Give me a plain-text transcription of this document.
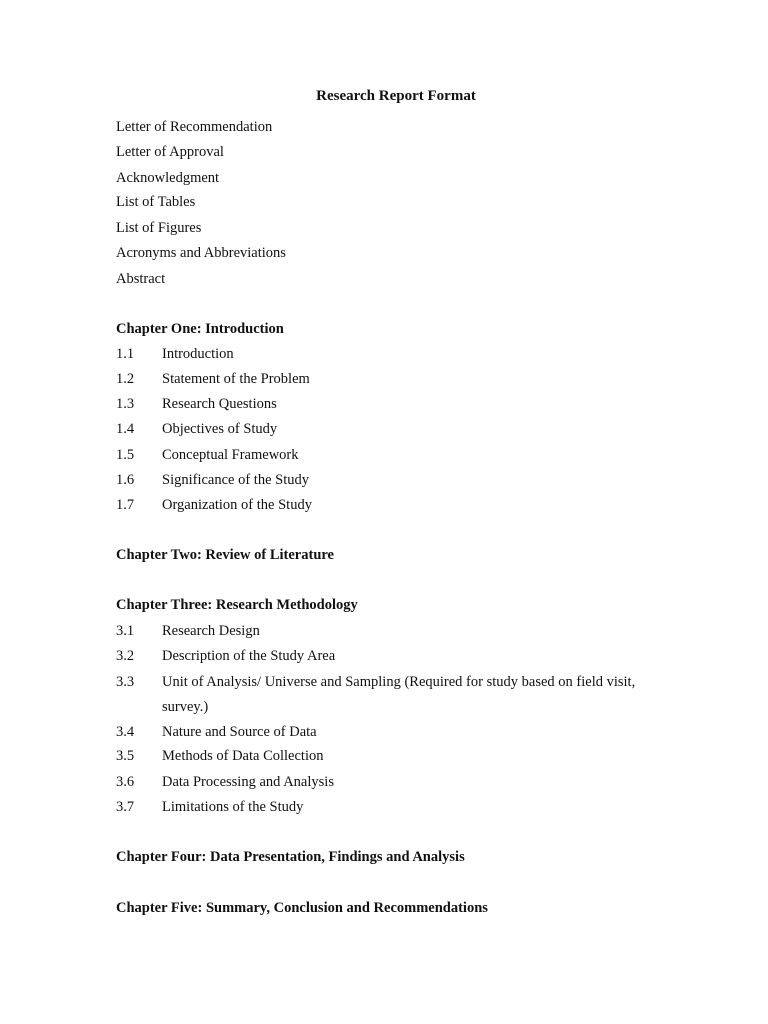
Research Report Format
Letter of Recommendation
Letter of Approval
Acknowledgment
List of Tables
List of Figures
Acronyms and Abbreviations
Abstract
Chapter One: Introduction
1.1 Introduction
1.2 Statement of the Problem
1.3 Research Questions
1.4 Objectives of Study
1.5 Conceptual Framework
1.6 Significance of the Study
1.7 Organization of the Study
Chapter Two: Review of Literature
Chapter Three: Research Methodology
3.1 Research Design
3.2 Description of the Study Area
3.3 Unit of Analysis/ Universe and Sampling (Required for study based on field visit,
survey.)
3.4 Nature and Source of Data
3.5 Methods of Data Collection
3.6 Data Processing and Analysis
3.7 Limitations of the Study
Chapter Four: Data Presentation, Findings and Analysis
Chapter Five: Summary, Conclusion and Recommendations
